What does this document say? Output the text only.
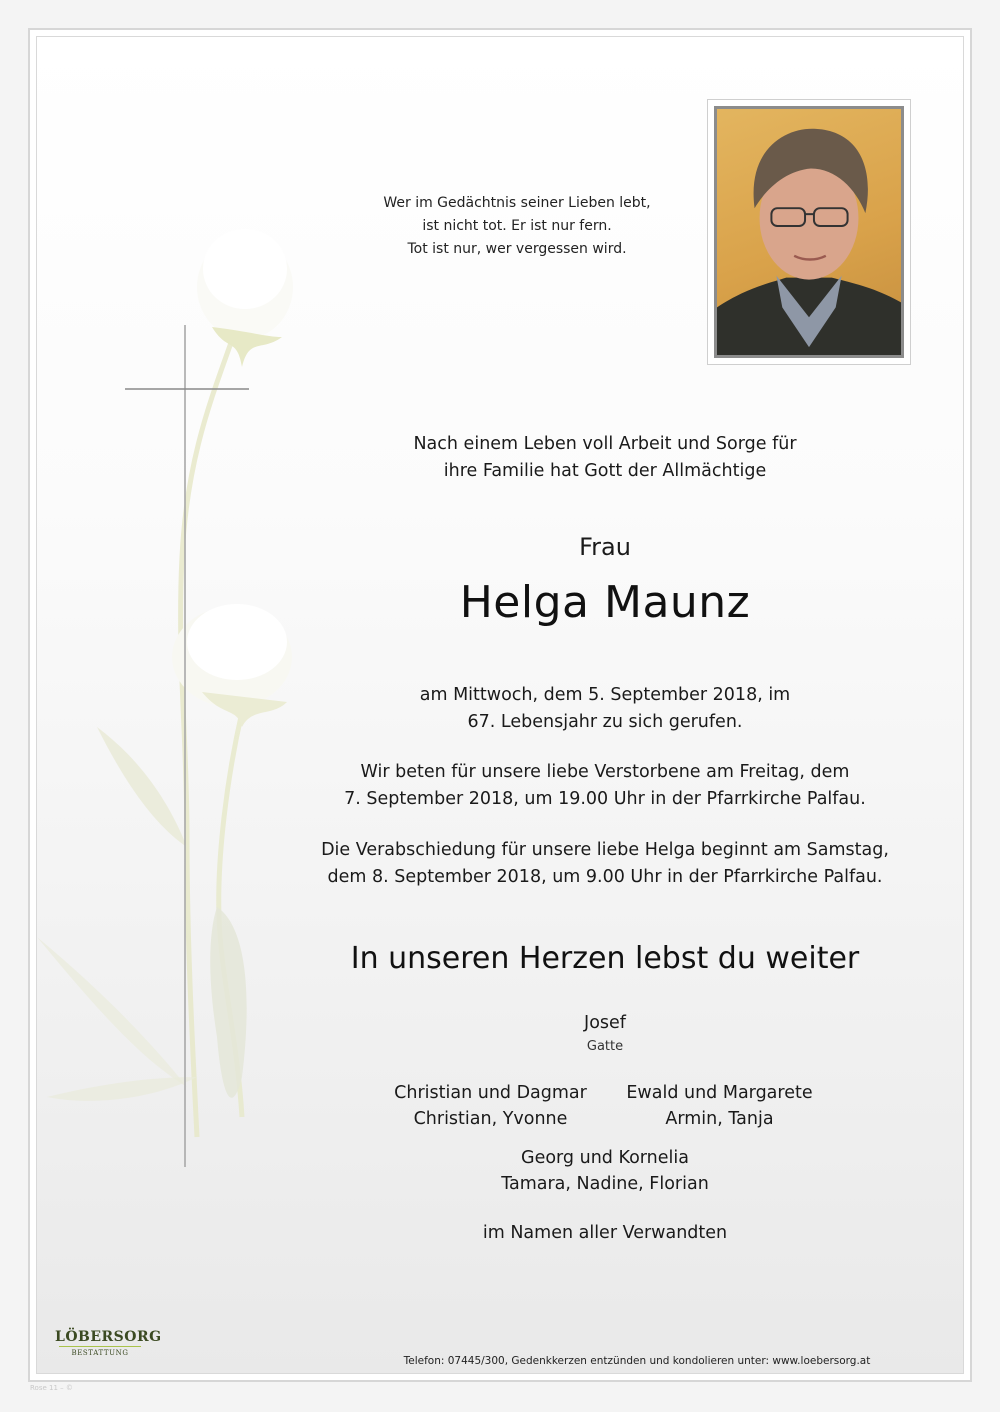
Wer im Gedächtnis seiner Lieben lebt,
ist nicht tot. Er ist nur fern.
Tot ist nur, wer vergessen wird.
Nach einem Leben voll Arbeit und Sorge für
ihre Familie hat Gott der Allmächtige
Frau
Helga Maunz
am Mittwoch, dem 5. September 2018, im
67. Lebensjahr zu sich gerufen.
Wir beten für unsere liebe Verstorbene am Freitag, dem
7. September 2018, um 19.00 Uhr in der Pfarrkirche Palfau.
Die Verabschiedung für unsere liebe Helga beginnt am Samstag,
dem 8. September 2018, um 9.00 Uhr in der Pfarrkirche Palfau.
In unseren Herzen lebst du weiter
Josef
Gatte
Christian und Dagmar
Christian, Yvonne
Ewald und Margarete
Armin, Tanja
Georg und Kornelia
Tamara, Nadine, Florian
im Namen aller Verwandten
LÖBERSORG
BESTATTUNG
Telefon: 07445/300, Gedenkkerzen entzünden und kondolieren unter: www.loebersorg.at
Rose 11 – ©
